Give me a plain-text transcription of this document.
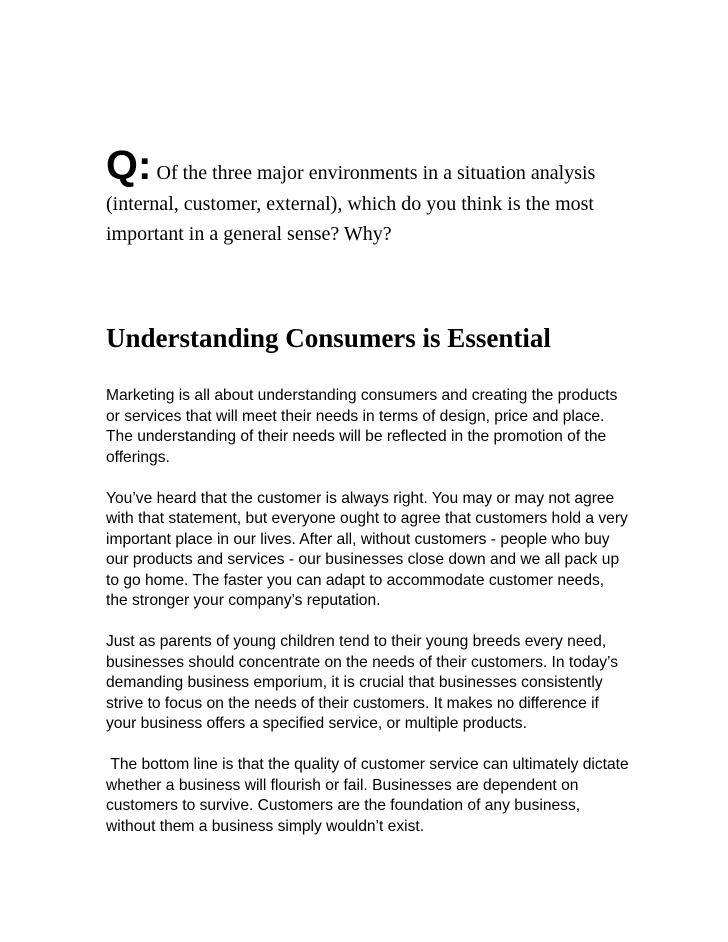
Q: Of the three major environments in a situation analysis (internal, customer, external), which do you think is the most important in a general sense? Why?

Understanding Consumers is Essential

Marketing is all about understanding consumers and creating the products or services that will meet their needs in terms of design, price and place. The understanding of their needs will be reflected in the promotion of the offerings.

You’ve heard that the customer is always right. You may or may not agree with that statement, but everyone ought to agree that customers hold a very important place in our lives. After all, without customers - people who buy our products and services - our businesses close down and we all pack up to go home. The faster you can adapt to accommodate customer needs, the stronger your company’s reputation.

Just as parents of young children tend to their young breeds every need, businesses should concentrate on the needs of their customers. In today’s demanding business emporium, it is crucial that businesses consistently strive to focus on the needs of their customers. It makes no difference if your business offers a specified service, or multiple products.

The bottom line is that the quality of customer service can ultimately dictate whether a business will flourish or fail. Businesses are dependent on customers to survive. Customers are the foundation of any business, without them a business simply wouldn’t exist.
